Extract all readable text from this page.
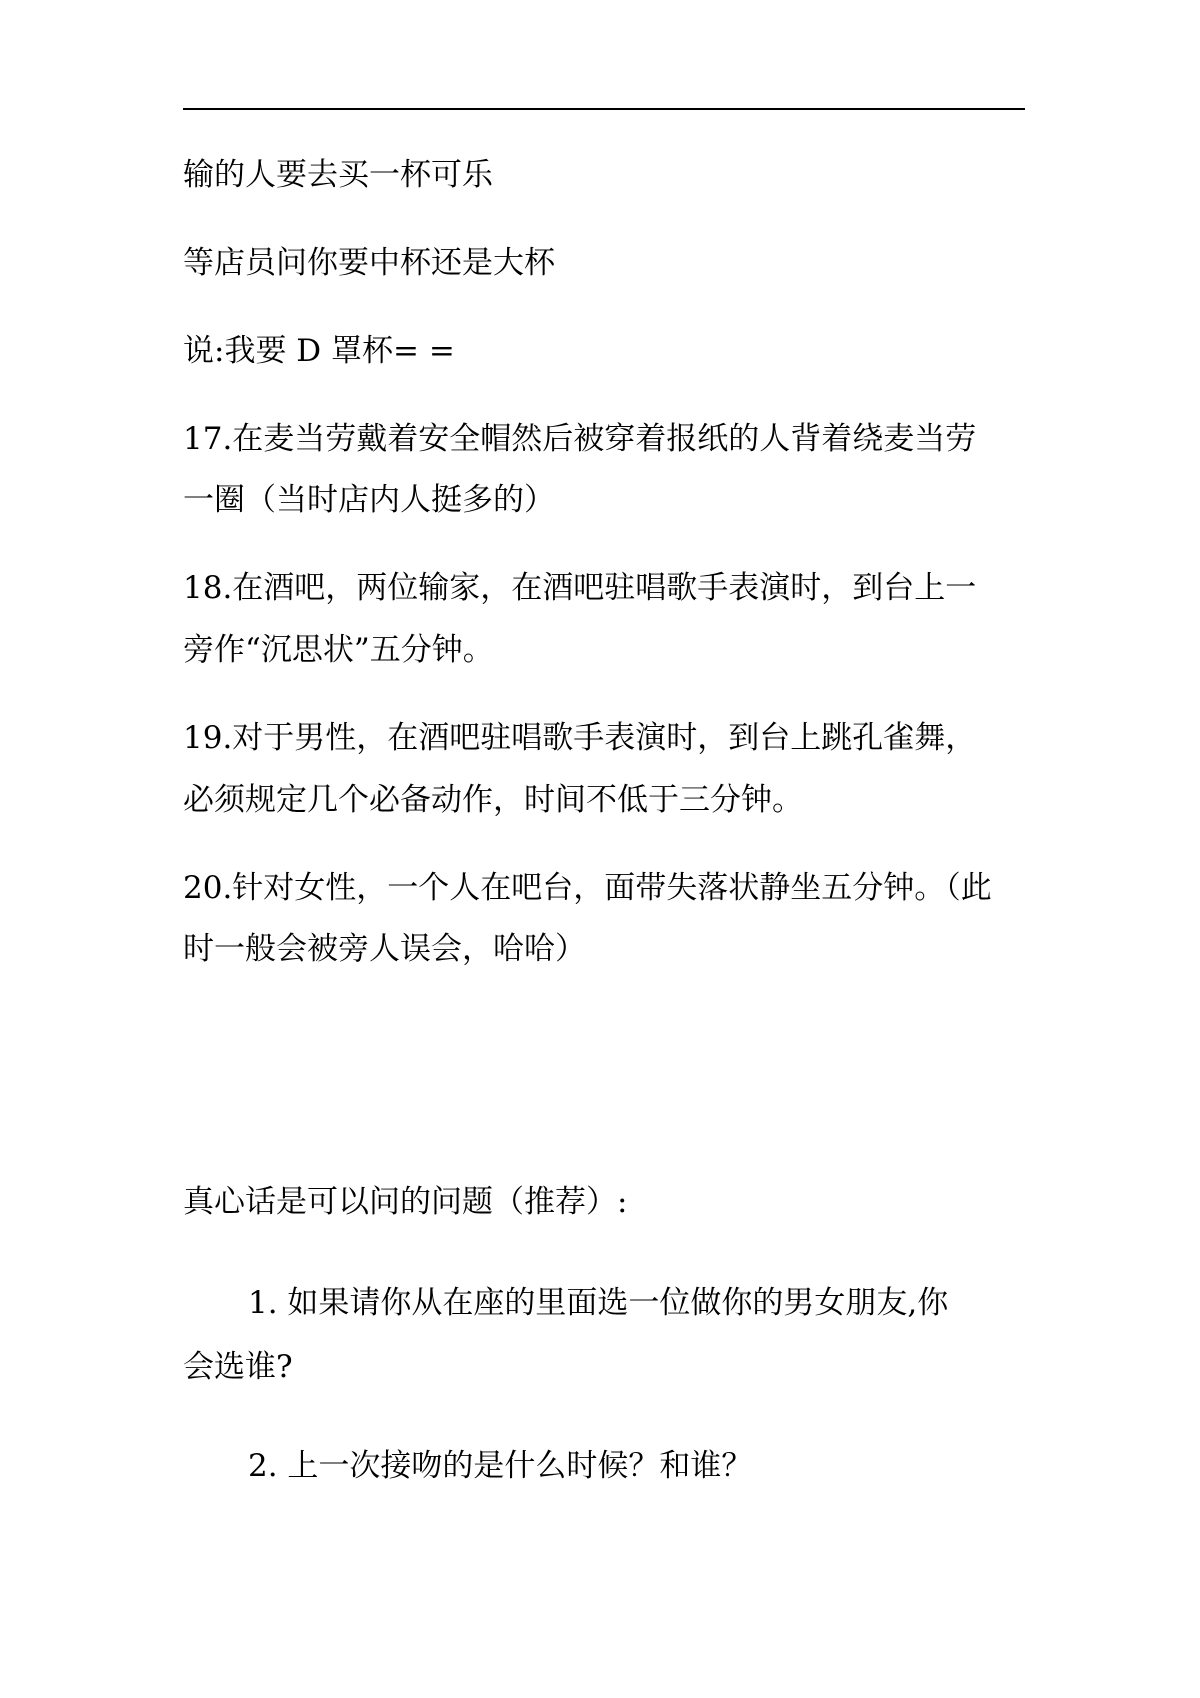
输的人要去买一杯可乐
等店员问你要中杯还是大杯
说:我要 D 罩杯= =
17.在麦当劳戴着安全帽然后被穿着报纸的人背着绕麦当劳
一圈（当时店内人挺多的）
18.在酒吧，两位输家，在酒吧驻唱歌手表演时，到台上一
旁作“沉思状”五分钟。
19.对于男性，在酒吧驻唱歌手表演时，到台上跳孔雀舞，
必须规定几个必备动作，时间不低于三分钟。
20.针对女性，一个人在吧台，面带失落状静坐五分钟。（此
时一般会被旁人误会，哈哈）
真心话是可以问的问题（推荐）:
1. 如果请你从在座的里面选一位做你的男女朋友,你
会选谁?
2. 上一次接吻的是什么时候？和谁？
